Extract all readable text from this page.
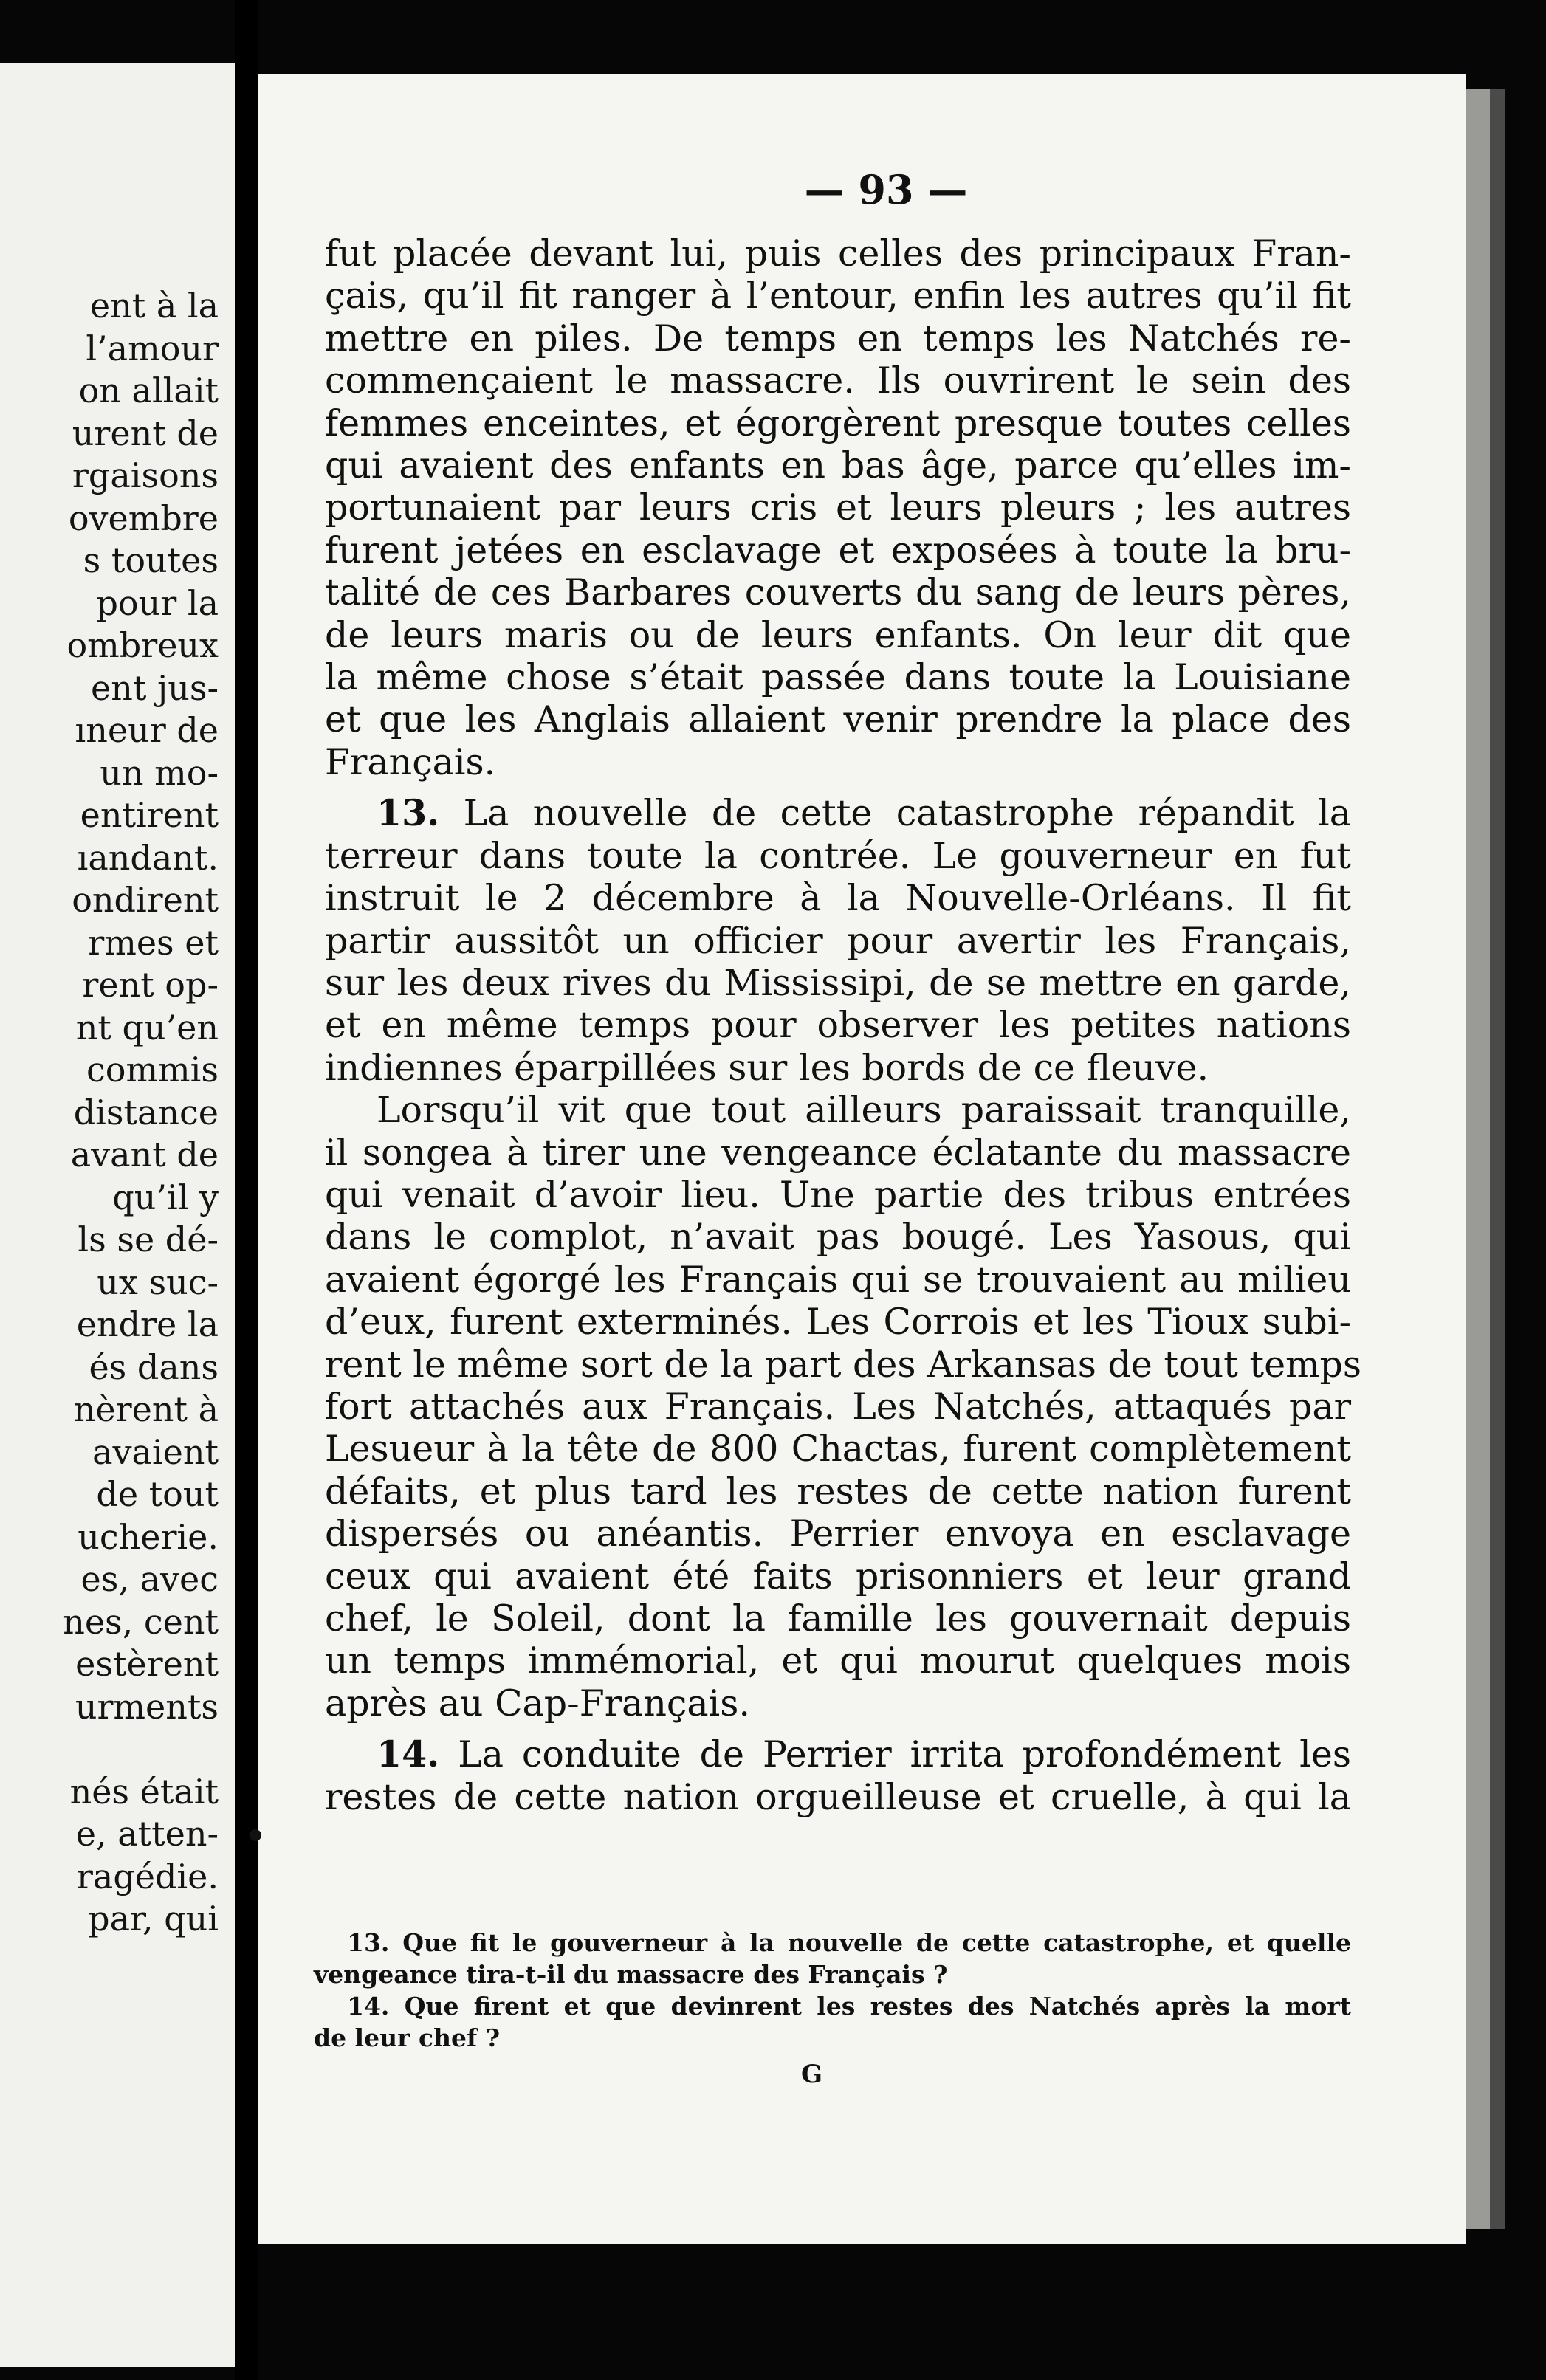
ent à la
l’amour
on allait
urent de
rgaisons
ovembre
s toutes
pour la
ombreux
ent jus-
ıneur de
un mo-
entirent
ıandant.
ondirent
rmes et
rent op-
nt qu’en
commis
distance
avant de
qu’il y
ls se dé-
ux suc-
endre la
és dans
nèrent à
avaient
de tout
ucherie.
es, avec
nes, cent
estèrent
urments

nés était
e, atten-
ragédie.
par, qui
— 93 —
fut placée devant lui, puis celles des principaux Fran-
çais, qu’il fit ranger à l’entour, enfin les autres qu’il fit
mettre en piles. De temps en temps les Natchés re-
commençaient le massacre. Ils ouvrirent le sein des
femmes enceintes, et égorgèrent presque toutes celles
qui avaient des enfants en bas âge, parce qu’elles im-
portunaient par leurs cris et leurs pleurs ; les autres
furent jetées en esclavage et exposées à toute la bru-
talité de ces Barbares couverts du sang de leurs pères,
de leurs maris ou de leurs enfants. On leur dit que
la même chose s’était passée dans toute la Louisiane
et que les Anglais allaient venir prendre la place des
Français.
13. La nouvelle de cette catastrophe répandit la
terreur dans toute la contrée. Le gouverneur en fut
instruit le 2 décembre à la Nouvelle-Orléans. Il fit
partir aussitôt un officier pour avertir les Français,
sur les deux rives du Mississipi, de se mettre en garde,
et en même temps pour observer les petites nations
indiennes éparpillées sur les bords de ce fleuve.
Lorsqu’il vit que tout ailleurs paraissait tranquille,
il songea à tirer une vengeance éclatante du massacre
qui venait d’avoir lieu. Une partie des tribus entrées
dans le complot, n’avait pas bougé. Les Yasous, qui
avaient égorgé les Français qui se trouvaient au milieu
d’eux, furent exterminés. Les Corrois et les Tioux subi-
rent le même sort de la part des Arkansas de tout temps
fort attachés aux Français. Les Natchés, attaqués par
Lesueur à la tête de 800 Chactas, furent complètement
défaits, et plus tard les restes de cette nation furent
dispersés ou anéantis. Perrier envoya en esclavage
ceux qui avaient été faits prisonniers et leur grand
chef, le Soleil, dont la famille les gouvernait depuis
un temps immémorial, et qui mourut quelques mois
après au Cap-Français.
14. La conduite de Perrier irrita profondément les
restes de cette nation orgueilleuse et cruelle, à qui la
13. Que fit le gouverneur à la nouvelle de cette catastrophe, et quelle
vengeance tira-t-il du massacre des Français ?
14. Que firent et que devinrent les restes des Natchés après la mort
de leur chef ?
G
